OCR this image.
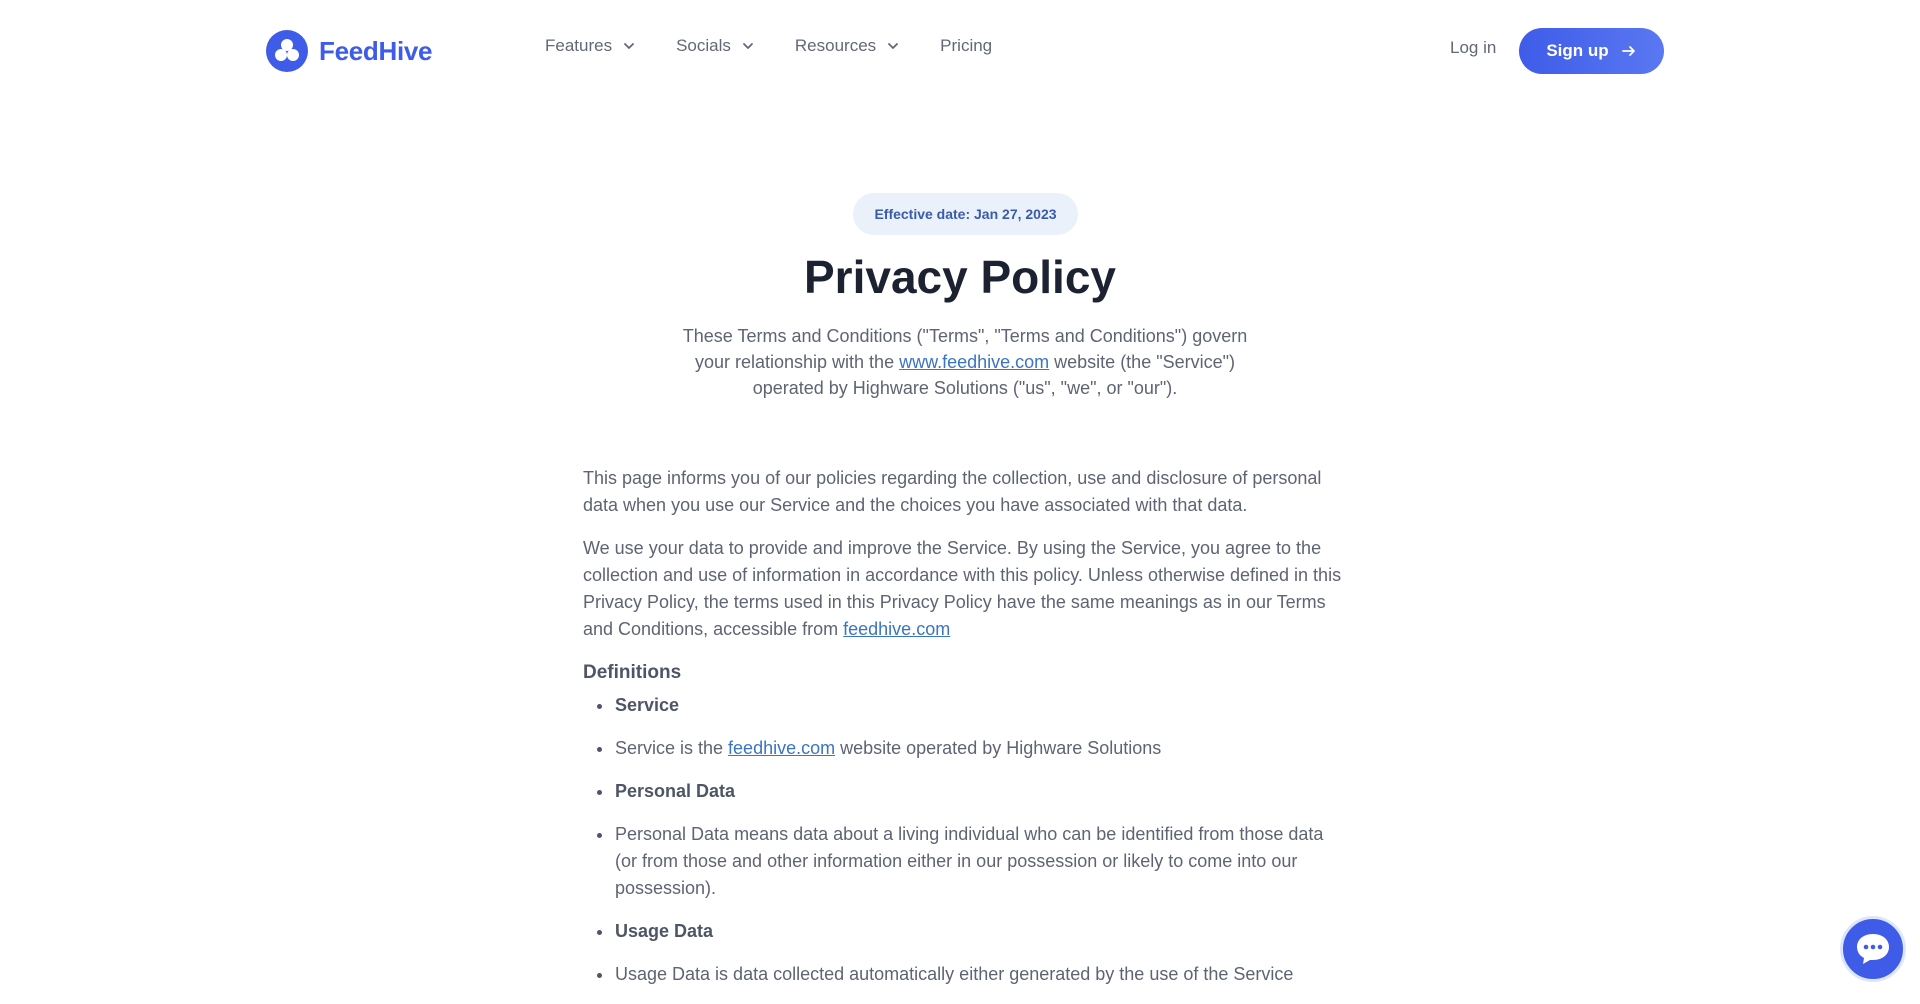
FeedHive	Features	Socials	Resources	Pricing	Log in	Sign up
Effective date: Jan 27, 2023
Privacy Policy

These Terms and Conditions ("Terms", "Terms and Conditions") govern your relationship with the www.feedhive.com website (the "Service") operated by Highware Solutions ("us", "we", or "our").

This page informs you of our policies regarding the collection, use and disclosure of personal data when you use our Service and the choices you have associated with that data.

We use your data to provide and improve the Service. By using the Service, you agree to the collection and use of information in accordance with this policy. Unless otherwise defined in this Privacy Policy, the terms used in this Privacy Policy have the same meanings as in our Terms and Conditions, accessible from feedhive.com

Definitions
Service
Service is the feedhive.com website operated by Highware Solutions
Personal Data
Personal Data means data about a living individual who can be identified from those data (or from those and other information either in our possession or likely to come into our possession).
Usage Data
Usage Data is data collected automatically either generated by the use of the Service
